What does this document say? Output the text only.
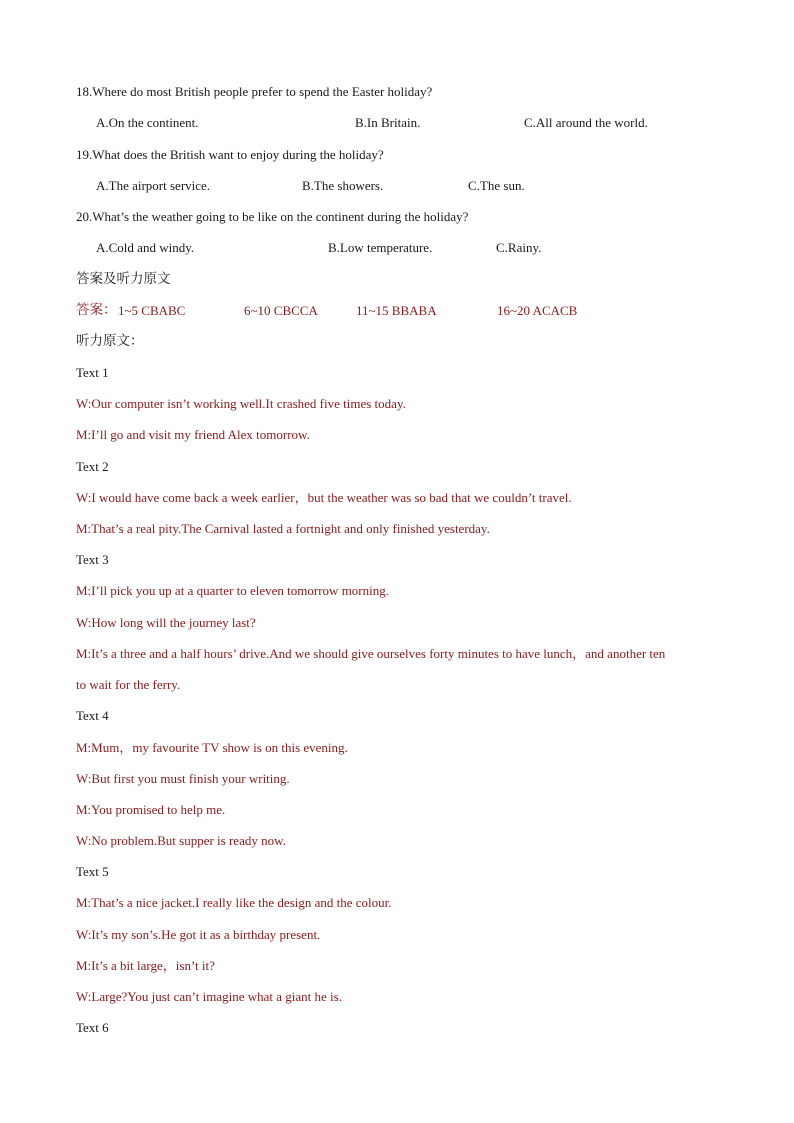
18.Where do most British people prefer to spend the Easter holiday?
A.On the continent.	B.In Britain.	C.All around the world.
19.What does the British want to enjoy during the holiday?
A.The airport service.	B.The showers.	C.The sun.
20.What’s the weather going to be like on the continent during the holiday?
A.Cold and windy.	B.Low temperature.	C.Rainy.
答案及听力原文
答案： 1~5 CBABC	6~10 CBCCA	11~15 BBABA	16~20 ACACB
听力原文：
Text 1
W:Our computer isn’t working well.It crashed five times today.
M:I’ll go and visit my friend Alex tomorrow.
Text 2
W:I would have come back a week earlier，but the weather was so bad that we couldn’t travel.
M:That’s a real pity.The Carnival lasted a fortnight and only finished yesterday.
Text 3
M:I’ll pick you up at a quarter to eleven tomorrow morning.
W:How long will the journey last?
M:It’s a three and a half hours’ drive.And we should give ourselves forty minutes to have lunch，and another ten
to wait for the ferry.
Text 4
M:Mum，my favourite TV show is on this evening.
W:But first you must finish your writing.
M:You promised to help me.
W:No problem.But supper is ready now.
Text 5
M:That’s a nice jacket.I really like the design and the colour.
W:It’s my son’s.He got it as a birthday present.
M:It’s a bit large，isn’t it?
W:Large?You just can’t imagine what a giant he is.
Text 6
